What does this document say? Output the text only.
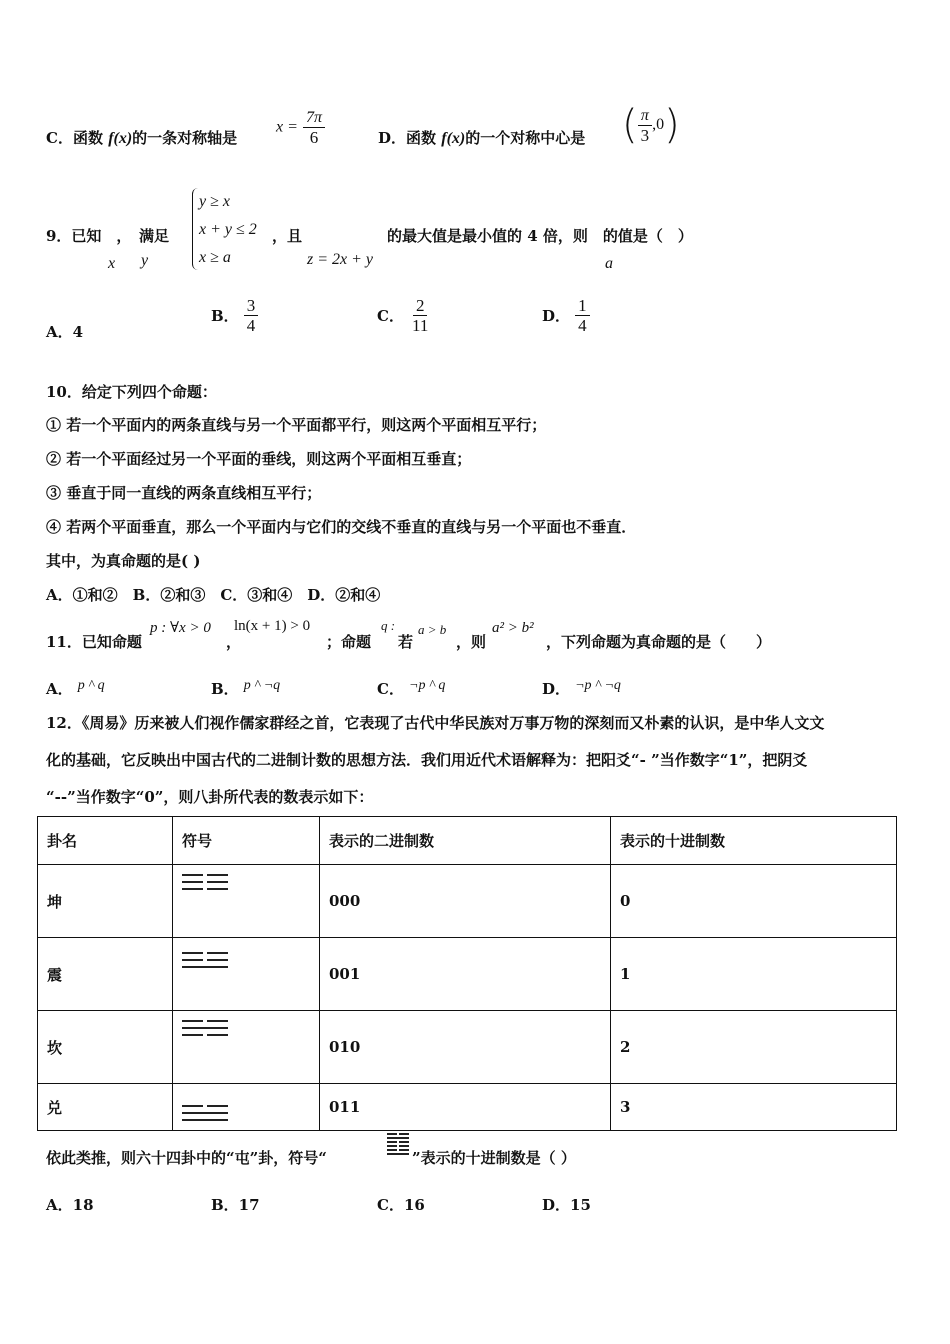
C．函数 f(x)的一条对称轴是
$x = \frac{7\pi}{6}$	D．函数 f(x)的一个对称中心是 ( $\frac{\pi}{3} ,0$)
9．已知　，　满足
y ≥ x
x + y ≤ 2
x ≥ a
，且	的最大值是最小值的 4 倍，则　的值是（　）
x y	z = 2x + y	a
A．4
B． $\frac{3}{4}$	C． $\frac{2}{11}$	D． $\frac{1}{4}$
10．给定下列四个命题：
① 若一个平面内的两条直线与另一个平面都平行，则这两个平面相互平行；
② 若一个平面经过另一个平面的垂线，则这两个平面相互垂直；
③ 垂直于同一直线的两条直线相互平行；
④ 若两个平面垂直，那么一个平面内与它们的交线不垂直的直线与另一个平面也不垂直．
其中，为真命题的是( )
A．①和②　B．②和③　C．③和④　D．②和④
11．已知命题
p : ∀x > 0
，
ln(x + 1) > 0
；命题
q :
若
a > b
，则
a² > b²
，下列命题为真命题的是（　　）
A． p ^ q	B． p ^ ¬q	C． ¬p ^ q	D． ¬p ^ ¬q
12．《周易》历来被人们视作儒家群经之首，它表现了古代中华民族对万事万物的深刻而又朴素的认识，是中华人文文
化的基础，它反映出中国古代的二进制计数的思想方法．我们用近代术语解释为：把阳爻“- ”当作数字“1”，把阴爻
“--”当作数字“0”，则八卦所代表的数表示如下：
卦名	符号	表示的二进制数	表示的十进制数
坤		000	0
震		001	1
坎		010	2
兑		011	3
依此类推，则六十四卦中的“屯”卦，符号“	”表示的十进制数是（ ）
A．18	B．17	C．16	D．15
